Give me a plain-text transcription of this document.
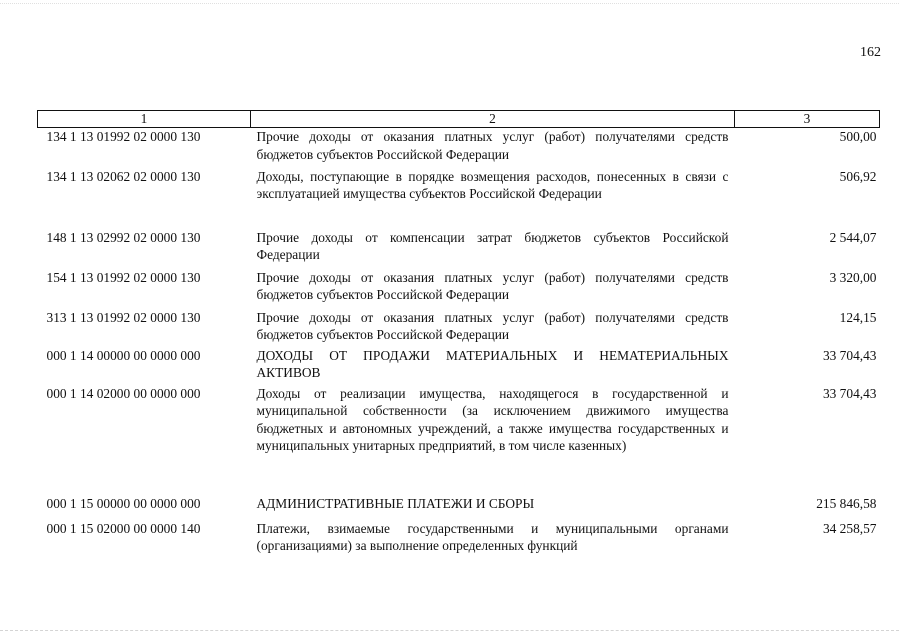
162
1	2	3
134 1 13 01992 02 0000 130	Прочие доходы от оказания платных услуг (работ) получателями средств бюджетов субъектов Российской Федерации	500,00
134 1 13 02062 02 0000 130	Доходы, поступающие в порядке возмещения расходов, понесенных в связи с эксплуатацией имущества субъектов Российской Федерации	506,92
148 1 13 02992 02 0000 130	Прочие доходы от компенсации затрат бюджетов субъектов Российской Федерации	2 544,07
154 1 13 01992 02 0000 130	Прочие доходы от оказания платных услуг (работ) получателями средств бюджетов субъектов Российской Федерации	3 320,00
313 1 13 01992 02 0000 130	Прочие доходы от оказания платных услуг (работ) получателями средств бюджетов субъектов Российской Федерации	124,15
000 1 14 00000 00 0000 000	ДОХОДЫ ОТ ПРОДАЖИ МАТЕРИАЛЬНЫХ И НЕМАТЕРИАЛЬНЫХ АКТИВОВ	33 704,43
000 1 14 02000 00 0000 000	Доходы от реализации имущества, находящегося в государственной и муниципальной собственности (за исключением движимого имущества бюджетных и автономных учреждений, а также имущества государственных и муниципальных унитарных предприятий, в том числе казенных)	33 704,43
000 1 15 00000 00 0000 000	АДМИНИСТРАТИВНЫЕ ПЛАТЕЖИ И СБОРЫ	215 846,58
000 1 15 02000 00 0000 140	Платежи, взимаемые государственными и муниципальными органами (организациями) за выполнение определенных функций	34 258,57
